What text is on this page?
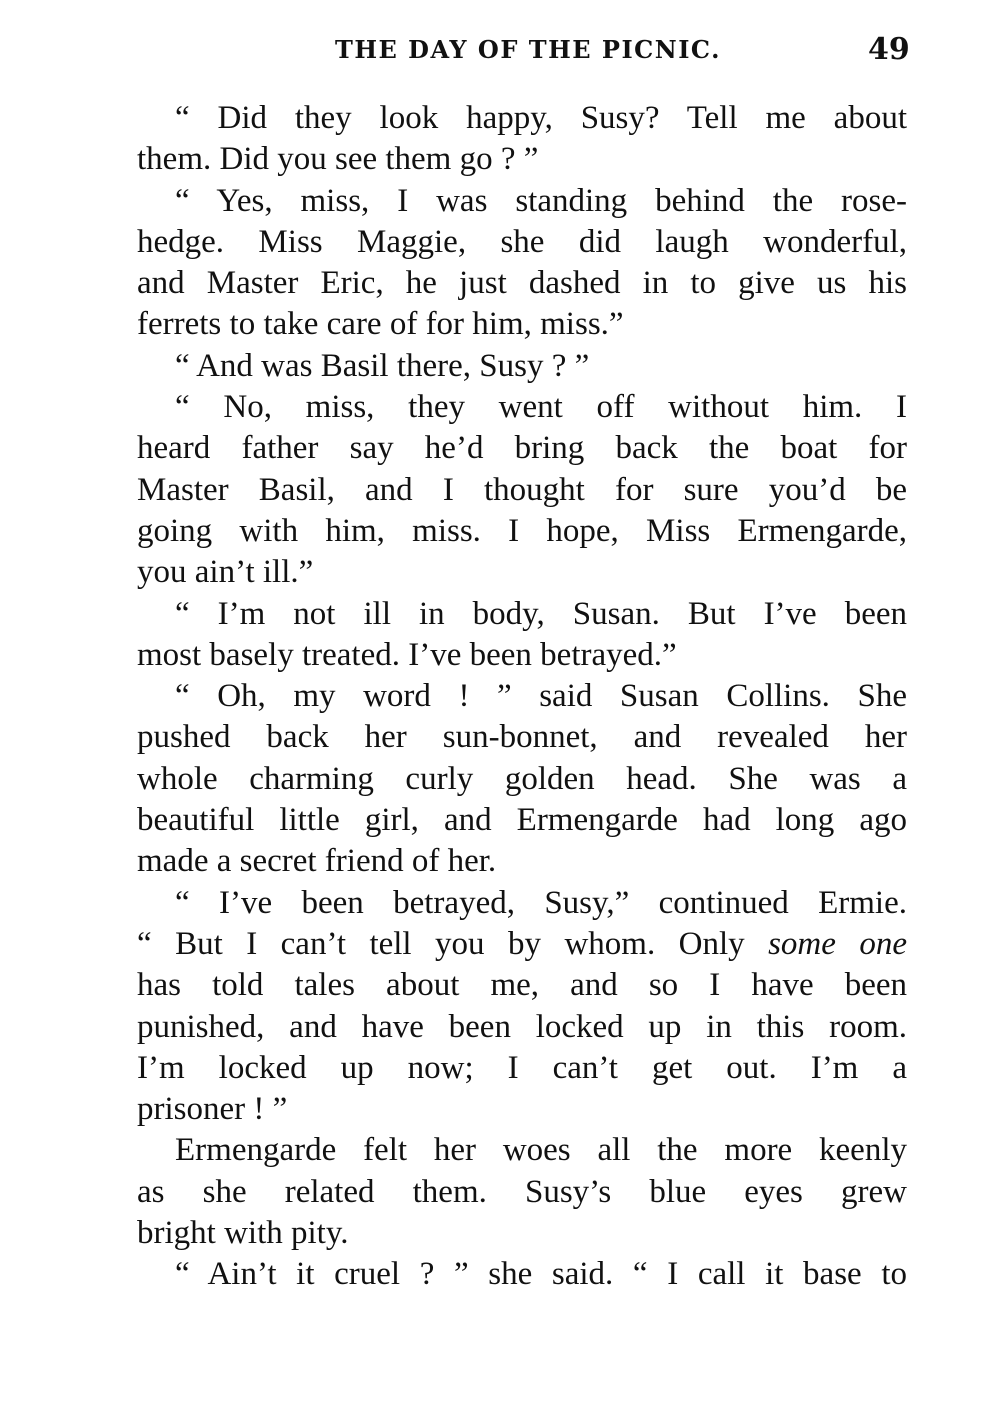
THE DAY OF THE PICNIC.	49
“ Did they look happy, Susy? Tell me about
them. Did you see them go ? ”
“ Yes, miss, I was standing behind the rose-
hedge. Miss Maggie, she did laugh wonderful,
and Master Eric, he just dashed in to give us his
ferrets to take care of for him, miss.”
“ And was Basil there, Susy ? ”
“ No, miss, they went off without him. I
heard father say he’d bring back the boat for
Master Basil, and I thought for sure you’d be
going with him, miss. I hope, Miss Ermengarde,
you ain’t ill.”
“ I’m not ill in body, Susan. But I’ve been
most basely treated. I’ve been betrayed.”
“ Oh, my word ! ” said Susan Collins. She
pushed back her sun-bonnet, and revealed her
whole charming curly golden head. She was a
beautiful little girl, and Ermengarde had long ago
made a secret friend of her.
“ I’ve been betrayed, Susy,” continued Ermie.
“ But I can’t tell you by whom. Only some one
has told tales about me, and so I have been
punished, and have been locked up in this room.
I’m locked up now; I can’t get out. I’m a
prisoner ! ”
Ermengarde felt her woes all the more keenly
as she related them. Susy’s blue eyes grew
bright with pity.
“ Ain’t it cruel ? ” she said. “ I call it base to
